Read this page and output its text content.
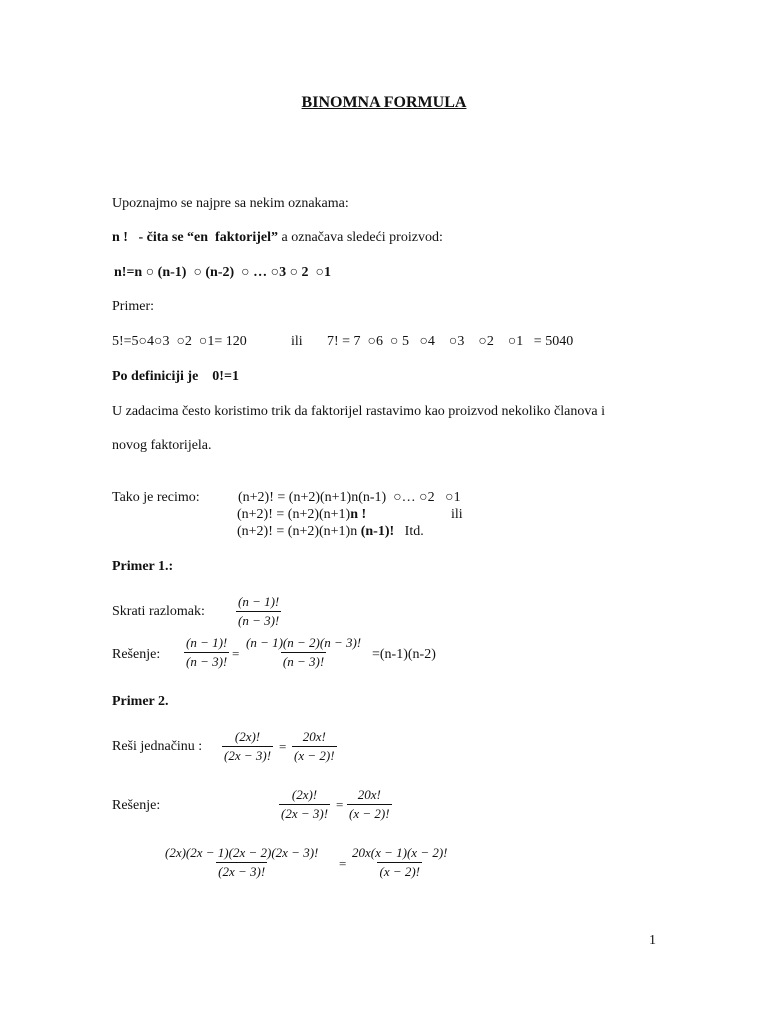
BINOMNA FORMULA
Upoznajmo se najpre sa nekim oznakama:
n ! - čita se “en  faktorijel” a označava sledeći proizvod:
n!=n ○ (n-1)  ○ (n-2)  ○ … ○3 ○ 2  ○1
Primer:
5!=5○4○3  ○2  ○1= 120	ili 7! = 7  ○6  ○ 5   ○4    ○3    ○2    ○1   = 5040
Po definiciji je    0!=1
U zadacima često koristimo trik da faktorijel rastavimo kao proizvod nekoliko članova i
novog faktorijela.
Tako je recimo:	(n+2)! = (n+2)(n+1)n(n-1)  ○… ○2   ○1
(n+2)! = (n+2)(n+1)n !	ili
(n+2)! = (n+2)(n+1)n (n-1)! Itd.
Primer 1.:
Skrati razlomak: $\frac{(n - 1)!}{(n - 3)!}$
Rešenje: $\frac{(n - 1)!}{(n - 3)!} = \frac{(n - 1)(n - 2)(n - 3)!}{(n - 3)!} =(n-1)(n-2)$
Primer 2.
Reši jednačinu : $\frac{(2x)!}{(2x - 3)!} = \frac{20x!}{(x - 2)!}$
Rešenje:	$\frac{(2x)!}{(2x - 3)!} = \frac{20x!}{(x - 2)!}$
$\frac{(2x)(2x - 1)(2x - 2)(2x - 3)!}{(2x - 3)!} = \frac{20x(x - 1)(x - 2)!}{(x - 2)!}$
1
